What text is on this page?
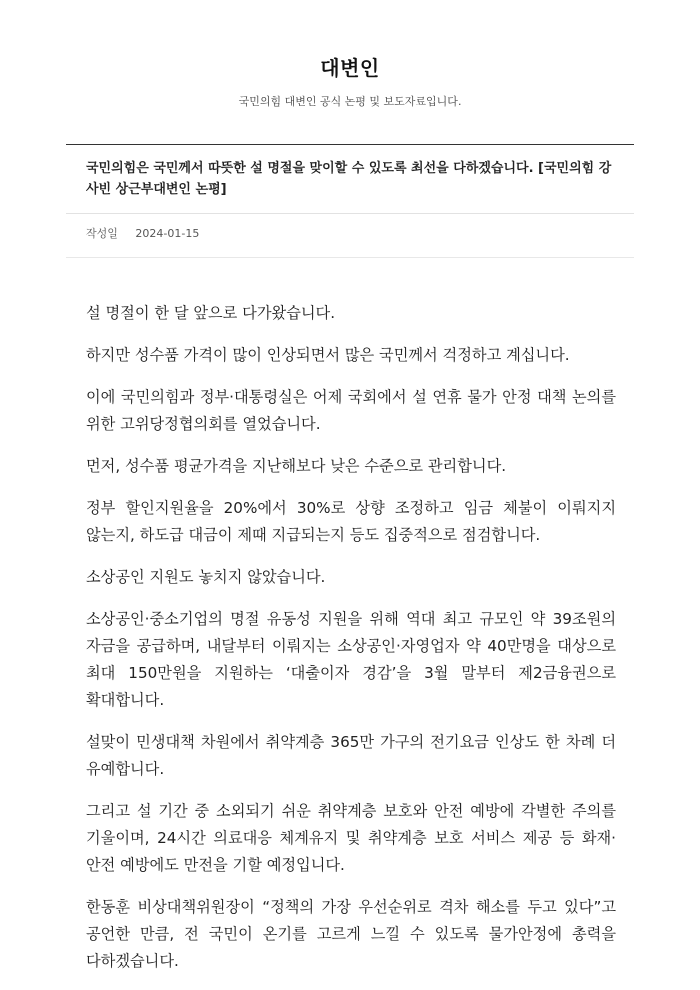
대변인
국민의힘 대변인 공식 논평 및 보도자료입니다.
국민의힘은 국민께서 따뜻한 설 명절을 맞이할 수 있도록 최선을 다하겠습니다. [국민의힘 강사빈 상근부대변인 논평]
작성일 2024-01-15

설 명절이 한 달 앞으로 다가왔습니다.

하지만 성수품 가격이 많이 인상되면서 많은 국민께서 걱정하고 계십니다.

이에 국민의힘과 정부·대통령실은 어제 국회에서 설 연휴 물가 안정 대책 논의를 위한 고위당정협의회를 열었습니다.

먼저, 성수품 평균가격을 지난해보다 낮은 수준으로 관리합니다.

정부 할인지원율을 20%에서 30%로 상향 조정하고 임금 체불이 이뤄지지 않는지, 하도급 대금이 제때 지급되는지 등도 집중적으로 점검합니다.

소상공인 지원도 놓치지 않았습니다.

소상공인·중소기업의 명절 유동성 지원을 위해 역대 최고 규모인 약 39조원의 자금을 공급하며, 내달부터 이뤄지는 소상공인·자영업자 약 40만명을 대상으로 최대 150만원을 지원하는 ‘대출이자 경감’을 3월 말부터 제2금융권으로 확대합니다.

설맞이 민생대책 차원에서 취약계층 365만 가구의 전기요금 인상도 한 차례 더 유예합니다.

그리고 설 기간 중 소외되기 쉬운 취약계층 보호와 안전 예방에 각별한 주의를 기울이며, 24시간 의료대응 체계유지 및 취약계층 보호 서비스 제공 등 화재·안전 예방에도 만전을 기할 예정입니다.

한동훈 비상대책위원장이 “정책의 가장 우선순위로 격차 해소를 두고 있다”고 공언한 만큼, 전 국민이 온기를 고르게 느낄 수 있도록 물가안정에 총력을 다하겠습니다.
